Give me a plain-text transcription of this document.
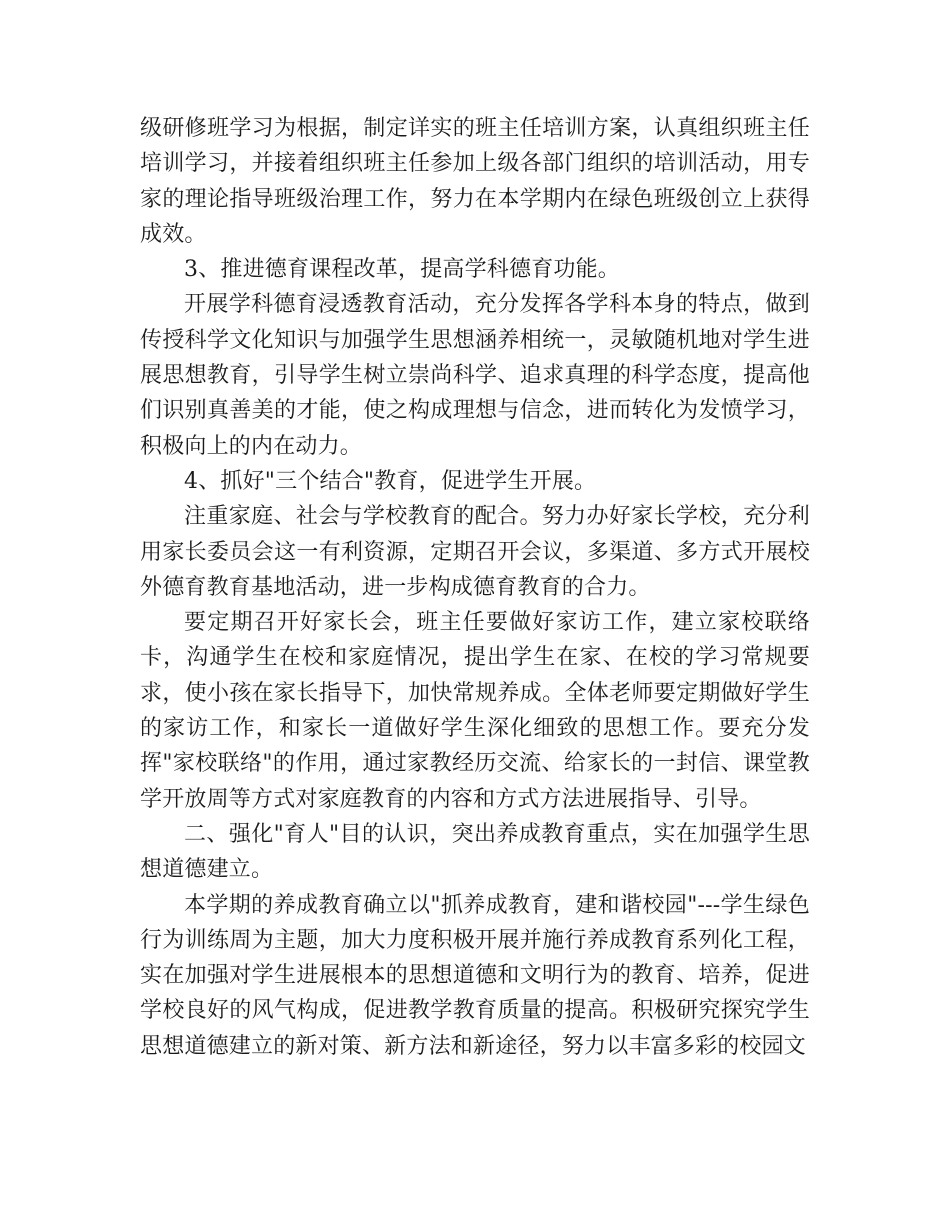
级研修班学习为根据，制定详实的班主任培训方案，认真组织班主任培训学习，并接着组织班主任参加上级各部门组织的培训活动，用专家的理论指导班级治理工作，努力在本学期内在绿色班级创立上获得成效。

3、推进德育课程改革，提高学科德育功能。

开展学科德育浸透教育活动，充分发挥各学科本身的特点，做到传授科学文化知识与加强学生思想涵养相统一，灵敏随机地对学生进展思想教育，引导学生树立崇尚科学、追求真理的科学态度，提高他们识别真善美的才能，使之构成理想与信念，进而转化为发愤学习，积极向上的内在动力。

4、抓好"三个结合"教育，促进学生开展。

注重家庭、社会与学校教育的配合。努力办好家长学校，充分利用家长委员会这一有利资源，定期召开会议，多渠道、多方式开展校外德育教育基地活动，进一步构成德育教育的合力。

要定期召开好家长会，班主任要做好家访工作，建立家校联络卡，沟通学生在校和家庭情况，提出学生在家、在校的学习常规要求，使小孩在家长指导下，加快常规养成。全体老师要定期做好学生的家访工作，和家长一道做好学生深化细致的思想工作。要充分发挥"家校联络"的作用，通过家教经历交流、给家长的一封信、课堂教学开放周等方式对家庭教育的内容和方式方法进展指导、引导。

二、强化"育人"目的认识，突出养成教育重点，实在加强学生思想道德建立。

本学期的养成教育确立以"抓养成教育，建和谐校园"---学生绿色行为训练周为主题，加大力度积极开展并施行养成教育系列化工程，实在加强对学生进展根本的思想道德和文明行为的教育、培养，促进学校良好的风气构成，促进教学教育质量的提高。积极研究探究学生思想道德建立的新对策、新方法和新途径，努力以丰富多彩的校园文
